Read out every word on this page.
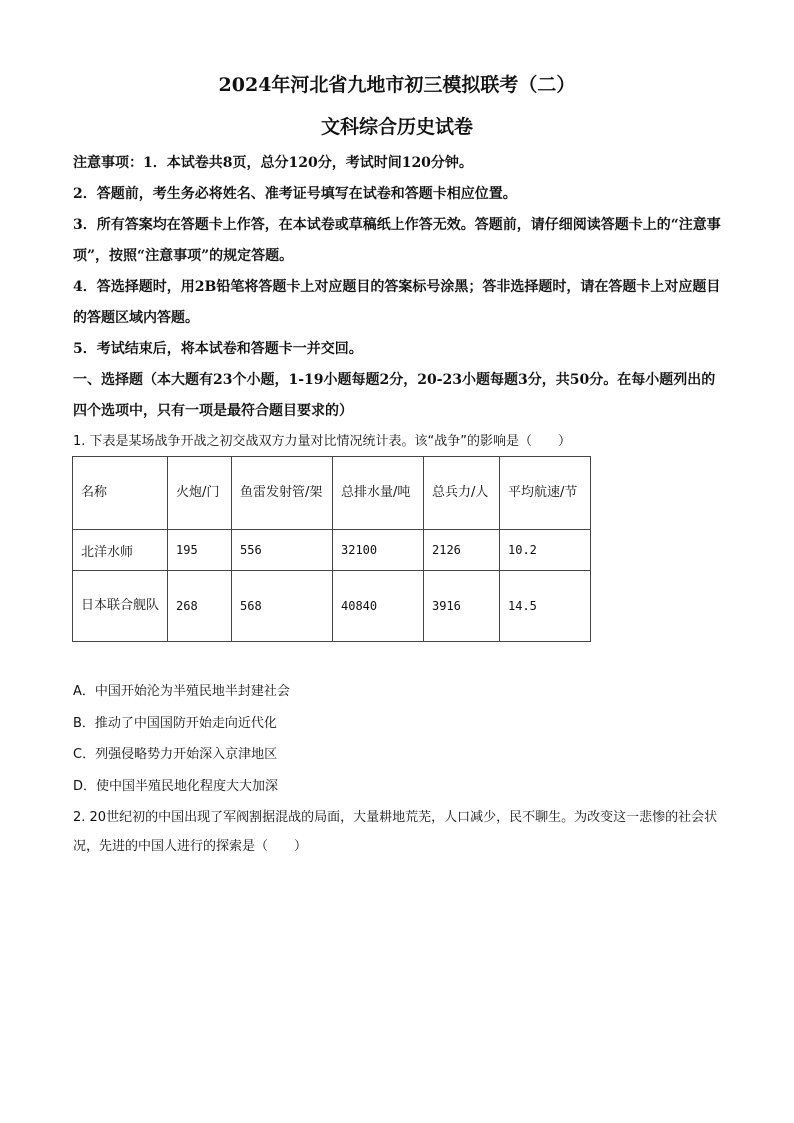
2024年河北省九地市初三模拟联考（二）
文科综合历史试卷

注意事项：1．本试卷共8页，总分120分，考试时间120分钟。

2．答题前，考生务必将姓名、准考证号填写在试卷和答题卡相应位置。

3．所有答案均在答题卡上作答，在本试卷或草稿纸上作答无效。答题前，请仔细阅读答题卡上的“注意事项”，按照“注意事项”的规定答题。

4．答选择题时，用2B铅笔将答题卡上对应题目的答案标号涂黑；答非选择题时，请在答题卡上对应题目的答题区域内答题。

5．考试结束后，将本试卷和答题卡一并交回。

一、选择题（本大题有23个小题，1-19小题每题2分，20-23小题每题3分，共50分。在每小题列出的四个选项中，只有一项是最符合题目要求的）

1. 下表是某场战争开战之初交战双方力量对比情况统计表。该“战争”的影响是（　　）
名称	火炮/门	鱼雷发射管/架	总排水量/吨	总兵力/人	平均航速/节
北洋水师	195	556	32100	2126	10.2
日本联合舰队	268	568	40840	3916	14.5
A．中国开始沦为半殖民地半封建社会
B．推动了中国国防开始走向近代化
C．列强侵略势力开始深入京津地区
D．使中国半殖民地化程度大大加深
2. 20世纪初的中国出现了军阀割据混战的局面，大量耕地荒芜，人口减少，民不聊生。为改变这一悲惨的社会状况，先进的中国人进行的探索是（　　）
